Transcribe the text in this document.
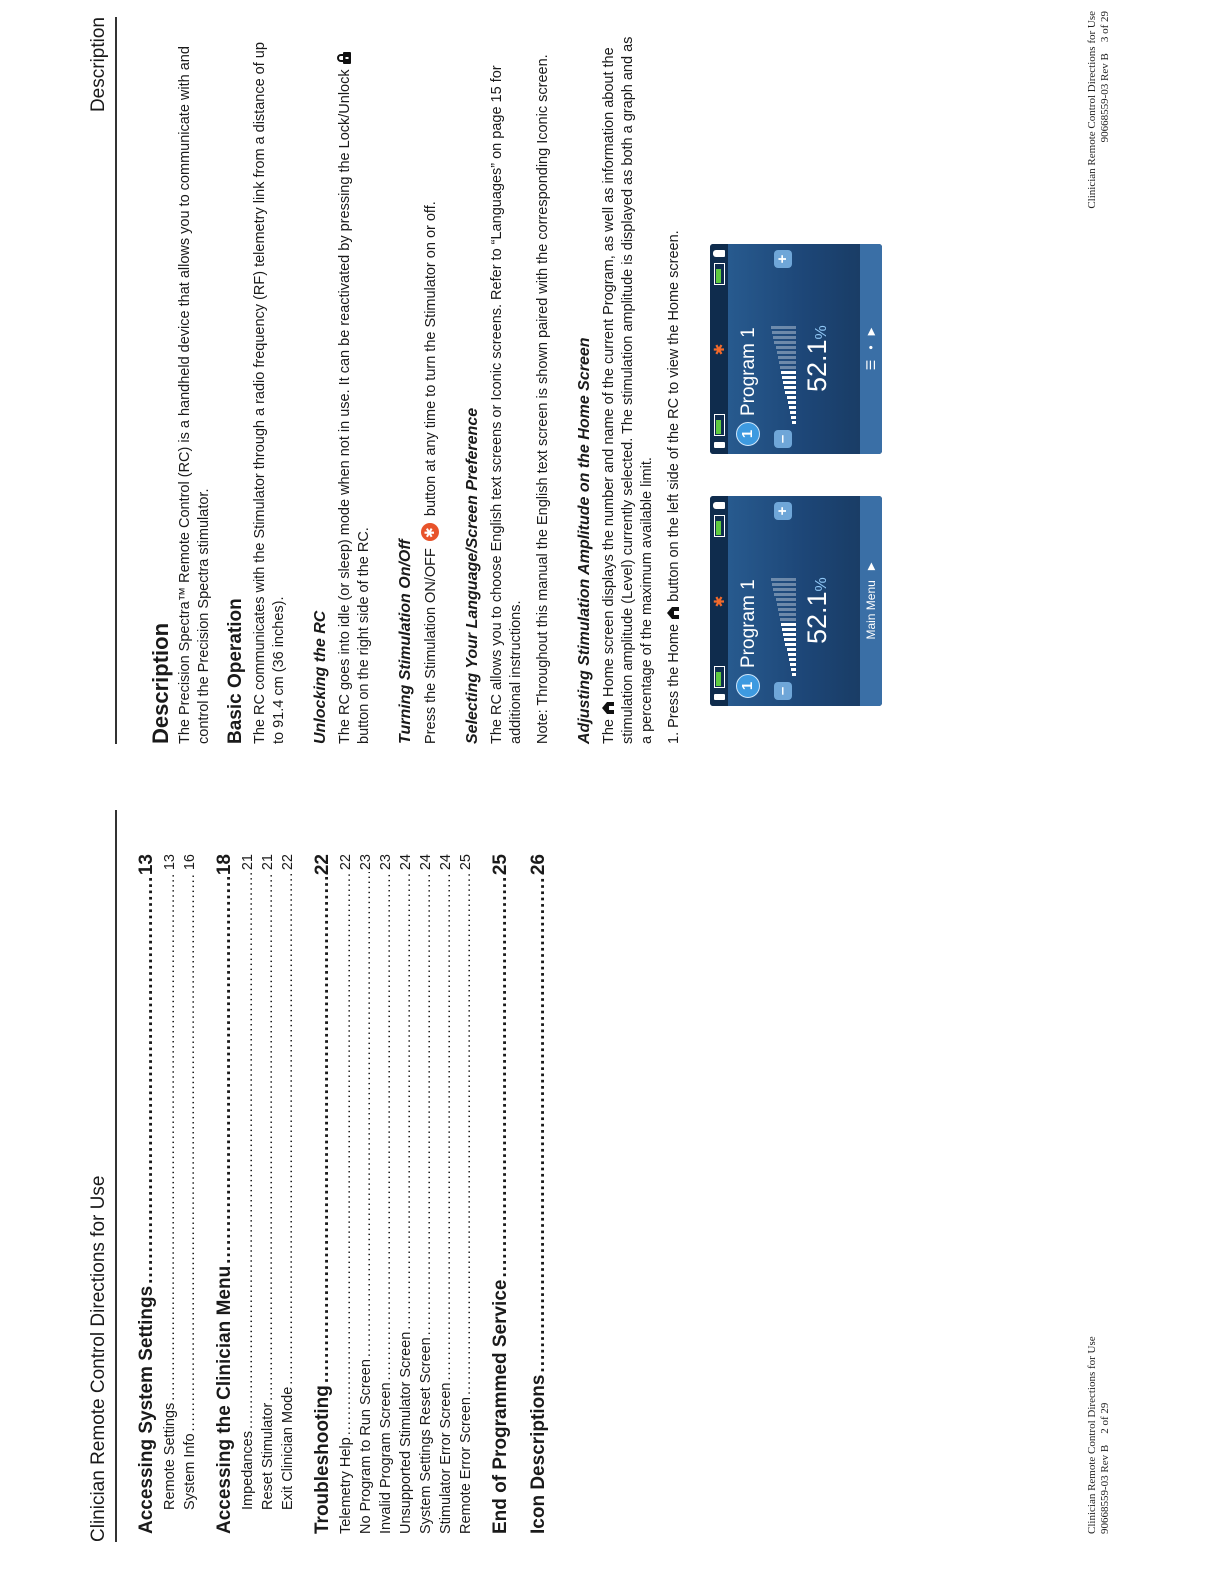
Clinician Remote Control Directions for Use	Accessing System Settings
.....
13
Remote Settings
.....
13
System Info
.....
16
Accessing the Clinician Menu
.....
18
Impedances
.....
21
Reset Stimulator
.....
21
Exit Clinician Mode
.....
22
Troubleshooting
.....
22
Telemetry Help
.....
22
No Program to Run Screen
.....
23
Invalid Program Screen
.....
23
Unsupported Stimulator Screen
.....
24
System Settings Reset Screen
.....
24
Stimulator Error Screen
.....
24
Remote Error Screen
.....
25
End of Programmed Service
.....
25
Icon Descriptions
.....
26
Clinician Remote Control Directions for Use 90668559-03 Rev B    2 of 29
Description
Description The Precision Spectra™ Remote Control (RC) is a handheld device that allows you to communicate with and control the Precision Spectra stimulator. Basic Operation The RC communicates with the Stimulator through a radio frequency (RF) telemetry link from a distance of up to 91.4 cm (36 inches). Unlocking the RC The RC goes into idle (or sleep) mode when not in use. It can be reactivated by pressing the Lock/Unlock button on the right side of the RC. Turning Stimulation On/Off Press the Stimulation ON/OFF ✱ button at any time to turn the Stimulator on or off.

Selecting Your Language/Screen Preference The RC allows you to choose English text screens or Iconic screens. Refer to “Languages” on page 15 for additional instructions. Note: Throughout this manual the English text screen is shown paired with the corresponding Iconic screen. Adjusting Stimulation Amplitude on the Home Screen The  Home screen displays the number and name of the current Program, as well as information about the stimulation amplitude (Level) currently selected. The stimulation amplitude is displayed as both a graph and as a percentage of the maximum available limit. 1. Press the Home  button on the left side of the RC to view the Home screen. ✱
1
Program 1
–
+
52.1%	Main Menu
▶
✱
1
Program 1
–
+
52.1%
☰
•
▶
Clinician Remote Control Directions for Use 90668559-03 Rev B    3 of 29
